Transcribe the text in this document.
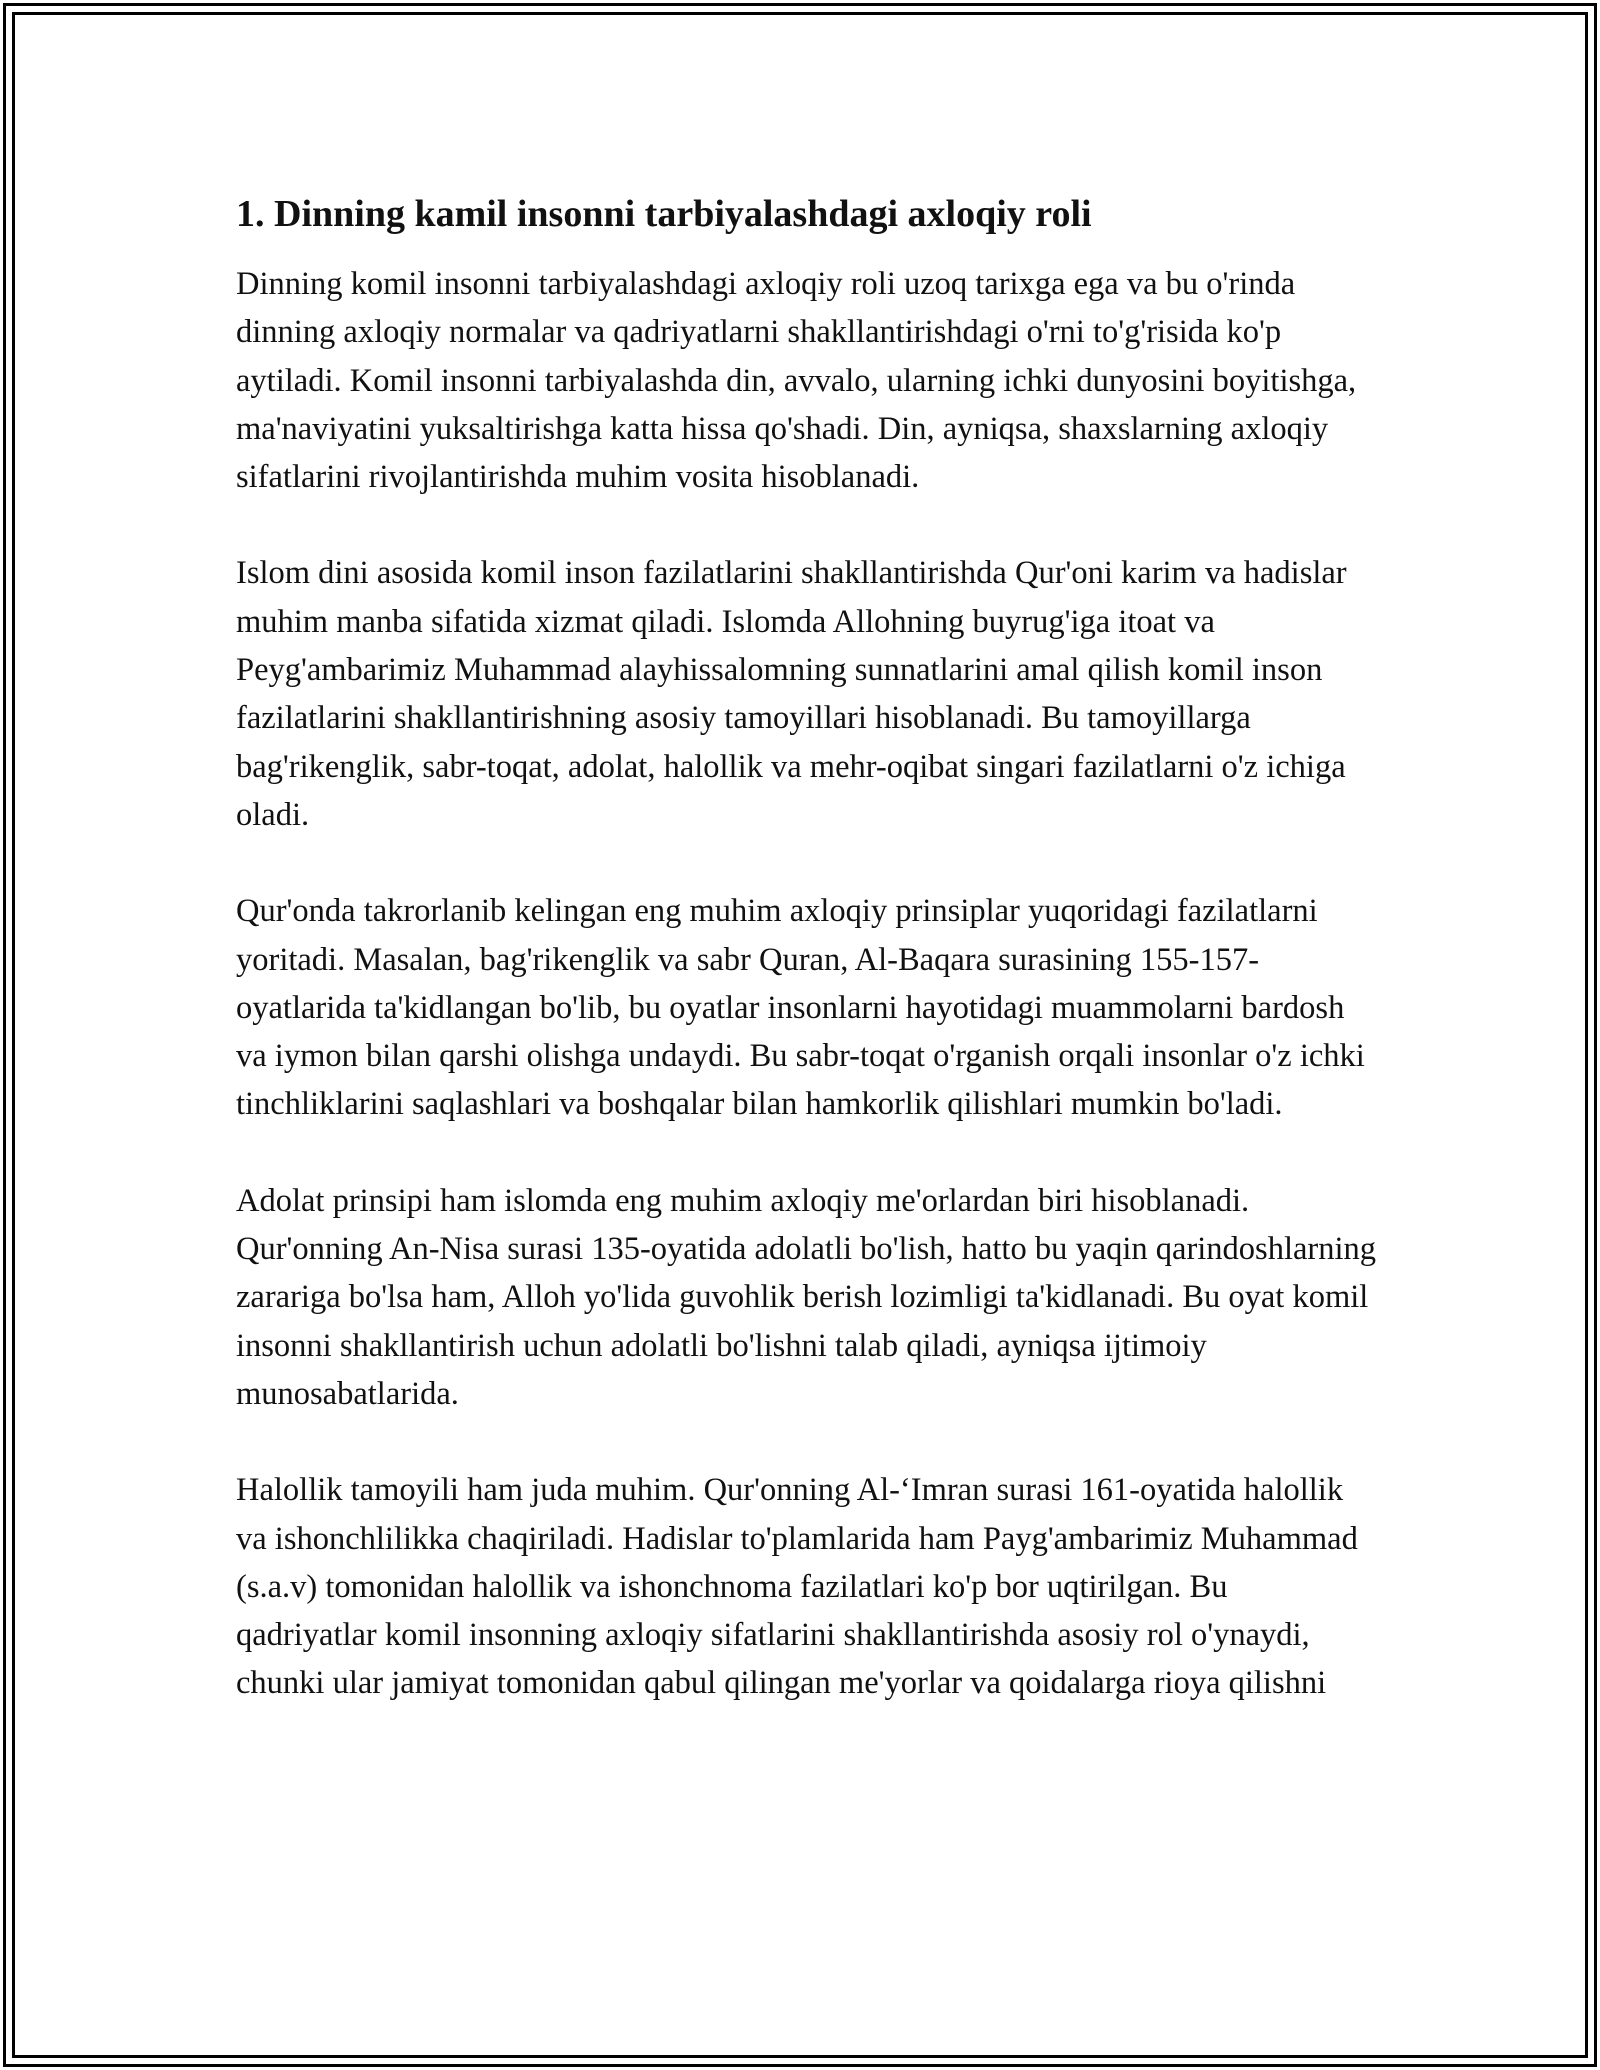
1. Dinning kamil insonni tarbiyalashdagi axloqiy roli

Dinning komil insonni tarbiyalashdagi axloqiy roli uzoq tarixga ega va bu o'rinda dinning axloqiy normalar va qadriyatlarni shakllantirishdagi o'rni to'g'risida ko'p aytiladi. Komil insonni tarbiyalashda din, avvalo, ularning ichki dunyosini boyitishga, ma'naviyatini yuksaltirishga katta hissa qo'shadi. Din, ayniqsa, shaxslarning axloqiy sifatlarini rivojlantirishda muhim vosita hisoblanadi.

Islom dini asosida komil inson fazilatlarini shakllantirishda Qur'oni karim va hadislar muhim manba sifatida xizmat qiladi. Islomda Allohning buyrug'iga itoat va Peyg'ambarimiz Muhammad alayhissalomning sunnatlarini amal qilish komil inson fazilatlarini shakllantirishning asosiy tamoyillari hisoblanadi. Bu tamoyillarga bag'rikenglik, sabr-toqat, adolat, halollik va mehr-oqibat singari fazilatlarni o'z ichiga oladi.

Qur'onda takrorlanib kelingan eng muhim axloqiy prinsiplar yuqoridagi fazilatlarni yoritadi. Masalan, bag'rikenglik va sabr Quran, Al-Baqara surasining 155-157-oyatlarida ta'kidlangan bo'lib, bu oyatlar insonlarni hayotidagi muammolarni bardosh va iymon bilan qarshi olishga undaydi. Bu sabr-toqat o'rganish orqali insonlar o'z ichki tinchliklarini saqlashlari va boshqalar bilan hamkorlik qilishlari mumkin bo'ladi.

Adolat prinsipi ham islomda eng muhim axloqiy me'orlardan biri hisoblanadi. Qur'onning An-Nisa surasi 135-oyatida adolatli bo'lish, hatto bu yaqin qarindoshlarning zarariga bo'lsa ham, Alloh yo'lida guvohlik berish lozimligi ta'kidlanadi. Bu oyat komil insonni shakllantirish uchun adolatli bo'lishni talab qiladi, ayniqsa ijtimoiy munosabatlarida.

Halollik tamoyili ham juda muhim. Qur'onning Al-‘Imran surasi 161-oyatida halollik va ishonchlilikka chaqiriladi. Hadislar to'plamlarida ham Payg'ambarimiz Muhammad (s.a.v) tomonidan halollik va ishonchnoma fazilatlari ko'p bor uqtirilgan. Bu qadriyatlar komil insonning axloqiy sifatlarini shakllantirishda asosiy rol o'ynaydi, chunki ular jamiyat tomonidan qabul qilingan me'yorlar va qoidalarga rioya qilishni
